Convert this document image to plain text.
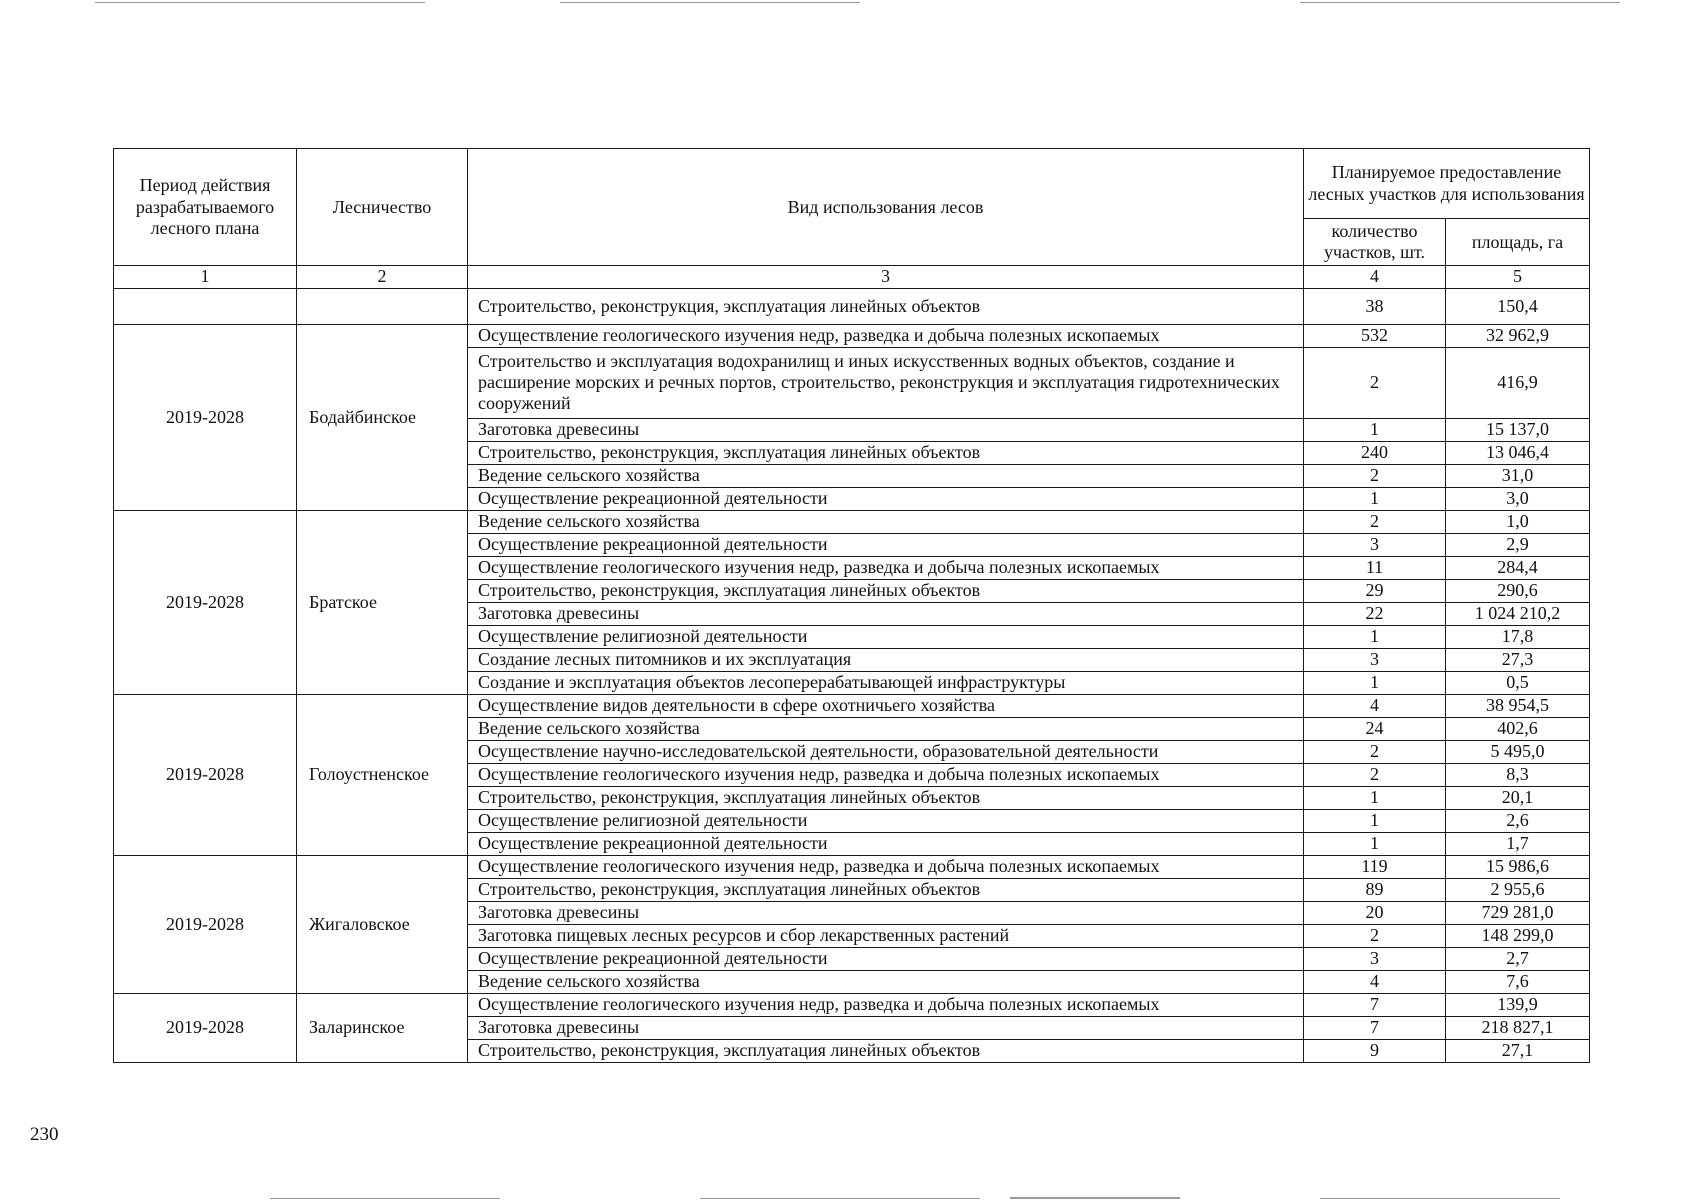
Период действия разрабатываемого лесного плана	Лесничество	Вид использования лесов	Планируемое предоставление лесных участков для использования	
			количество участков, шт.	площадь, га
1	2	3	4	5
		Строительство, реконструкция, эксплуатация линейных объектов	38	150,4
2019-2028	Бодайбинское	Осуществление геологического изучения недр, разведка и добыча полезных ископаемых	532	32 962,9
		Строительство и эксплуатация водохранилищ и иных искусственных водных объектов, создание и расширение морских и речных портов, строительство, реконструкция и эксплуатация гидротехнических сооружений	2	416,9
		Заготовка древесины	1	15 137,0
		Строительство, реконструкция, эксплуатация линейных объектов	240	13 046,4
		Ведение сельского хозяйства	2	31,0
		Осуществление рекреационной деятельности	1	3,0
2019-2028	Братское	Ведение сельского хозяйства	2	1,0
		Осуществление рекреационной деятельности	3	2,9
		Осуществление геологического изучения недр, разведка и добыча полезных ископаемых	11	284,4
		Строительство, реконструкция, эксплуатация линейных объектов	29	290,6
		Заготовка древесины	22	1 024 210,2
		Осуществление религиозной деятельности	1	17,8
		Создание лесных питомников и их эксплуатация	3	27,3
		Создание и эксплуатация объектов лесоперерабатывающей инфраструктуры	1	0,5
2019-2028	Голоустненское	Осуществление видов деятельности в сфере охотничьего хозяйства	4	38 954,5
		Ведение сельского хозяйства	24	402,6
		Осуществление научно-исследовательской деятельности, образовательной деятельности	2	5 495,0
		Осуществление геологического изучения недр, разведка и добыча полезных ископаемых	2	8,3
		Строительство, реконструкция, эксплуатация линейных объектов	1	20,1
		Осуществление религиозной деятельности	1	2,6
		Осуществление рекреационной деятельности	1	1,7
2019-2028	Жигаловское	Осуществление геологического изучения недр, разведка и добыча полезных ископаемых	119	15 986,6
		Строительство, реконструкция, эксплуатация линейных объектов	89	2 955,6
		Заготовка древесины	20	729 281,0
		Заготовка пищевых лесных ресурсов и сбор лекарственных растений	2	148 299,0
		Осуществление рекреационной деятельности	3	2,7
		Ведение сельского хозяйства	4	7,6
2019-2028	Заларинское	Осуществление геологического изучения недр, разведка и добыча полезных ископаемых	7	139,9
		Заготовка древесины	7	218 827,1
		Строительство, реконструкция, эксплуатация линейных объектов	9	27,1
230
